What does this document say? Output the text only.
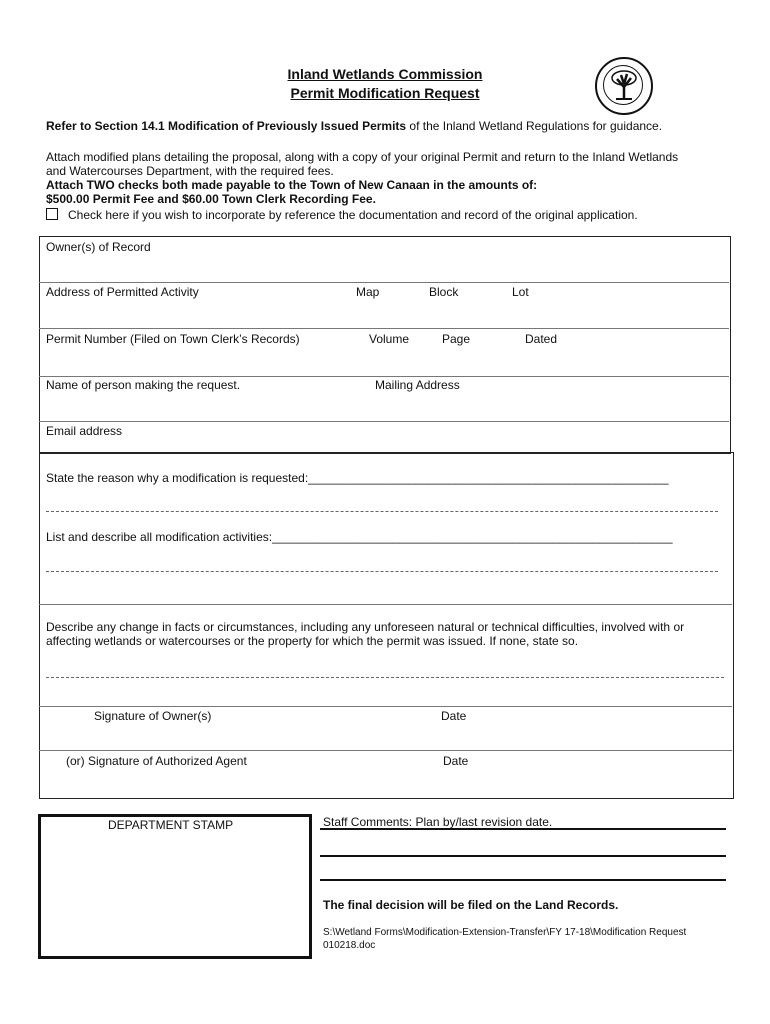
Inland Wetlands Commission
Permit Modification Request
Refer to Section 14.1 Modification of Previously Issued Permits of the Inland Wetland Regulations for guidance.
Attach modified plans detailing the proposal, along with a copy of your original Permit and return to the Inland Wetlands
and Watercourses Department, with the required fees.
Attach TWO checks both made payable to the Town of New Canaan in the amounts of:
$500.00 Permit Fee and $60.00 Town Clerk Recording Fee.
Check here if you wish to incorporate by reference the documentation and record of the original application.
Owner(s) of Record
Address of Permitted Activity	Map	Block	Lot
Permit Number (Filed on Town Clerk’s Records)	Volume	Page	Dated
Name of person making the request.	Mailing Address
Email address
State the reason why a modification is requested:______________________________________________________
List and describe all modification activities:____________________________________________________________
Describe any change in facts or circumstances, including any unforeseen natural or technical difficulties, involved with or
affecting wetlands or watercourses or the property for which the permit was issued. If none, state so.
Signature of Owner(s)	Date
(or) Signature of Authorized Agent	Date
DEPARTMENT STAMP	Staff Comments: Plan by/last revision date.
The final decision will be filed on the Land Records.
S:\Wetland Forms\Modification-Extension-Transfer\FY 17-18\Modification Request
010218.doc
